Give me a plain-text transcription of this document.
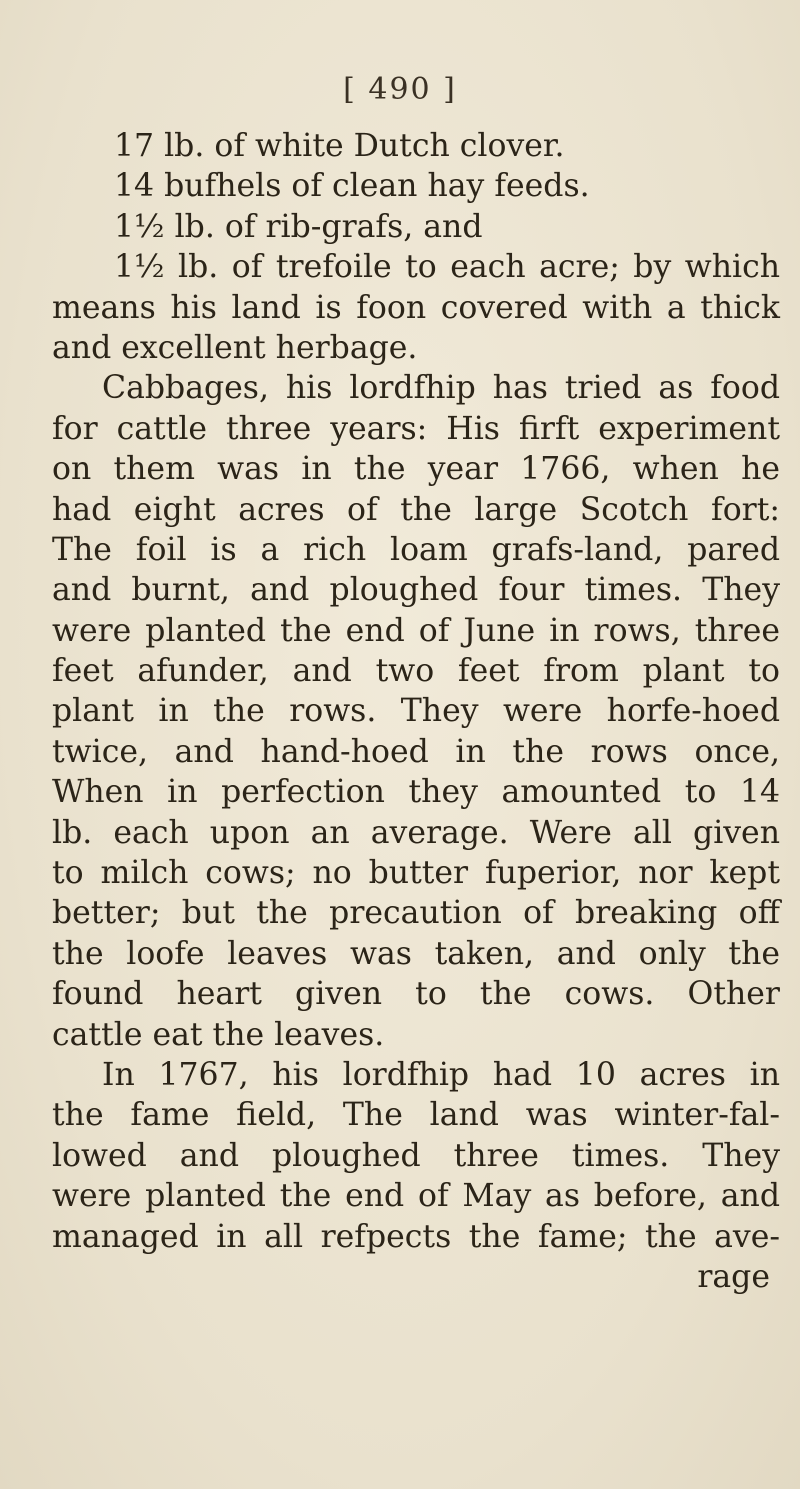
[ 490 ]
17 lb. of white Dutch clover.
14 bufhels of clean hay feeds.
1½ lb. of rib-grafs, and
1½ lb. of trefoile to each acre; by which
means his land is foon covered with a thick
and excellent herbage.
Cabbages, his lordfhip has tried as food
for cattle three years: His firft experiment
on them was in the year 1766, when he
had eight acres of the large Scotch fort:
The foil is a rich loam grafs-land, pared
and burnt, and ploughed four times. They
were planted the end of June in rows, three
feet afunder, and two feet from plant to
plant in the rows. They were horfe-hoed
twice, and hand-hoed in the rows once,
When in perfection they amounted to 14
lb. each upon an average. Were all given
to milch cows; no butter fuperior, nor kept
better; but the precaution of breaking off
the loofe leaves was taken, and only the
found heart given to the cows. Other
cattle eat the leaves.
In 1767, his lordfhip had 10 acres in
the fame field, The land was winter-fal-
lowed and ploughed three times. They
were planted the end of May as before, and
managed in all refpects the fame; the ave-
rage
